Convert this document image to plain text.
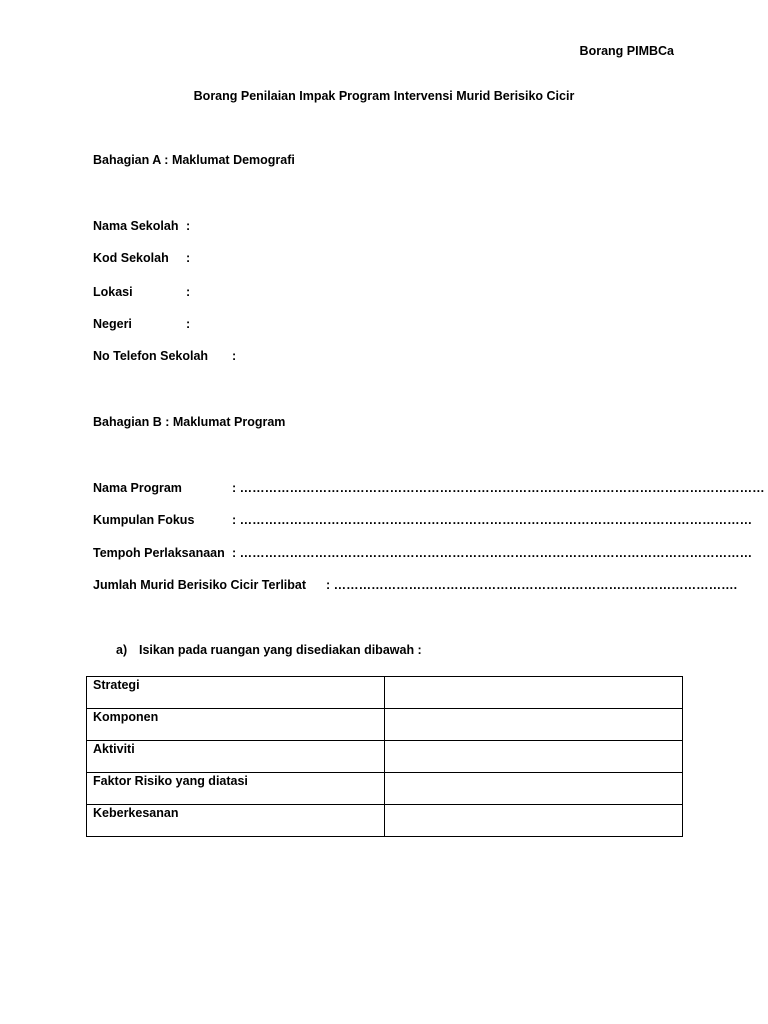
Borang PIMBCa
Borang Penilaian Impak Program Intervensi Murid Berisiko Cicir
Bahagian A : Maklumat Demografi
Nama Sekolah :
Kod Sekolah :
Lokasi	:
Negeri	:
No Telefon Sekolah :
Bahagian B : Maklumat Program
Nama Program	: ………………………………………………………………………………………………………………
Kumpulan Fokus	: ……………………………………………………………………………………………………………
Tempoh Perlaksanaan : ……………………………………………………………………………………………………………
Jumlah Murid Berisiko Cicir Terlibat : …………………………………………………………………………………….
a) Isikan pada ruangan yang disediakan dibawah :
Strategi	
Komponen	
Aktiviti	
Faktor Risiko yang diatasi	
Keberkesanan	
